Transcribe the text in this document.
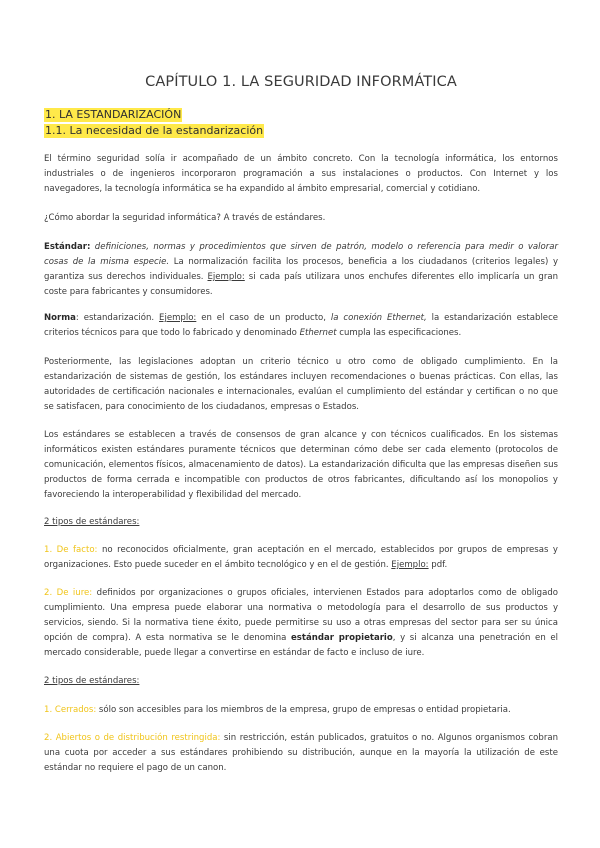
CAPÍTULO 1. LA SEGURIDAD INFORMÁTICA
1. LA ESTANDARIZACIÓN
1.1. La necesidad de la estandarización
El término seguridad solía ir acompañado de un ámbito concreto. Con la tecnología informática, los entornos industriales o de ingenieros incorporaron programación a sus instalaciones o productos. Con Internet y los navegadores, la tecnología informática se ha expandido al ámbito empresarial, comercial y cotidiano.
¿Cómo abordar la seguridad informática? A través de estándares.
Estándar: definiciones, normas y procedimientos que sirven de patrón, modelo o referencia para medir o valorar cosas de la misma especie. La normalización facilita los procesos, beneficia a los ciudadanos (criterios legales) y garantiza sus derechos individuales. Ejemplo: si cada país utilizara unos enchufes diferentes ello implicaría un gran coste para fabricantes y consumidores.
Norma: estandarización. Ejemplo: en el caso de un producto, la conexión Ethernet, la estandarización establece criterios técnicos para que todo lo fabricado y denominado Ethernet cumpla las especificaciones.
Posteriormente, las legislaciones adoptan un criterio técnico u otro como de obligado cumplimiento. En la estandarización de sistemas de gestión, los estándares incluyen recomendaciones o buenas prácticas. Con ellas, las autoridades de certificación nacionales e internacionales, evalúan el cumplimiento del estándar y certifican o no que se satisfacen, para conocimiento de los ciudadanos, empresas o Estados.
Los estándares se establecen a través de consensos de gran alcance y con técnicos cualificados. En los sistemas informáticos existen estándares puramente técnicos que determinan cómo debe ser cada elemento (protocolos de comunicación, elementos físicos, almacenamiento de datos). La estandarización dificulta que las empresas diseñen sus productos de forma cerrada e incompatible con productos de otros fabricantes, dificultando así los monopolios y favoreciendo la interoperabilidad y flexibilidad del mercado.
2 tipos de estándares:
1. De facto: no reconocidos oficialmente, gran aceptación en el mercado, establecidos por grupos de empresas y organizaciones. Esto puede suceder en el ámbito tecnológico y en el de gestión. Ejemplo: pdf.
2. De iure: definidos por organizaciones o grupos oficiales, intervienen Estados para adoptarlos como de obligado cumplimiento. Una empresa puede elaborar una normativa o metodología para el desarrollo de sus productos y servicios, siendo. Si la normativa tiene éxito, puede permitirse su uso a otras empresas del sector para ser su única opción de compra). A esta normativa se le denomina estándar propietario, y si alcanza una penetración en el mercado considerable, puede llegar a convertirse en estándar de facto e incluso de iure.
2 tipos de estándares:
1. Cerrados: sólo son accesibles para los miembros de la empresa, grupo de empresas o entidad propietaria.
2. Abiertos o de distribución restringida: sin restricción, están publicados, gratuitos o no. Algunos organismos cobran una cuota por acceder a sus estándares prohibiendo su distribución, aunque en la mayoría la utilización de este estándar no requiere el pago de un canon.
